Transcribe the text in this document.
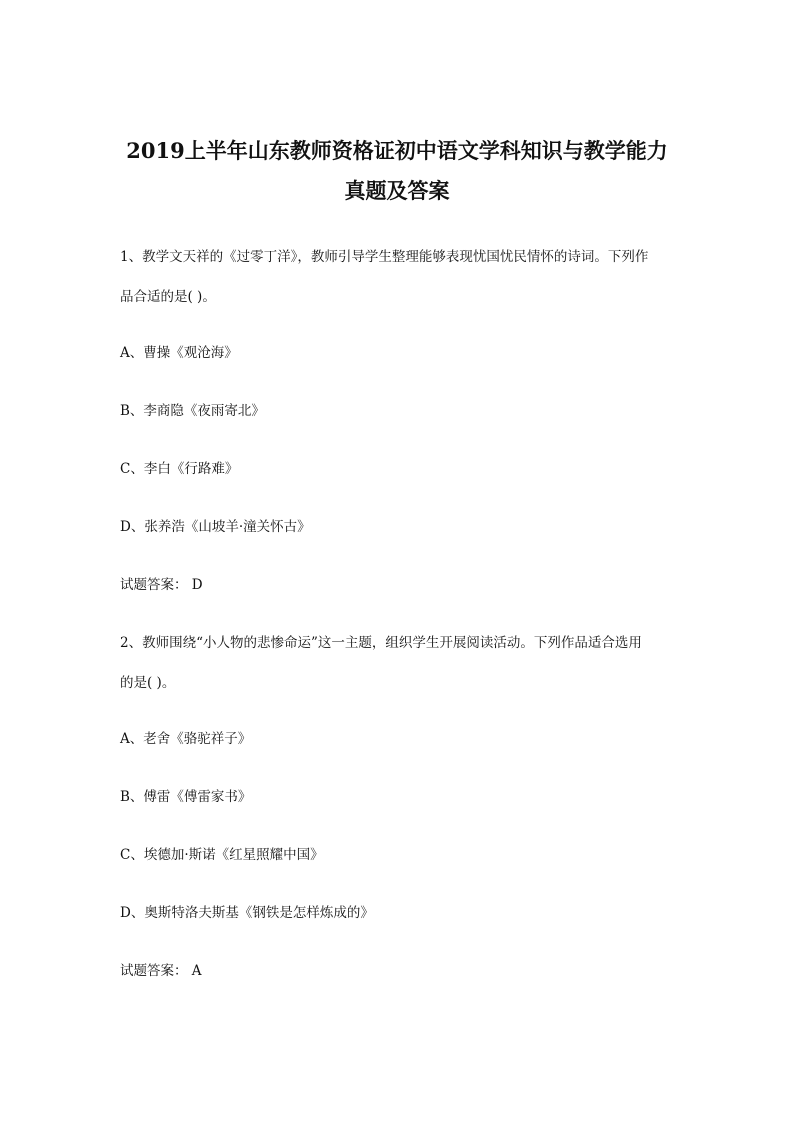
2019上半年山东教师资格证初中语文学科知识与教学能力
真题及答案
1、教学文天祥的《过零丁洋》，教师引导学生整理能够表现忧国忧民情怀的诗词。下列作
品合适的是( )。
A、曹操《观沧海》
B、李商隐《夜雨寄北》
C、李白《行路难》
D、张养浩《山坡羊·潼关怀古》
试题答案： D
2、教师围绕“小人物的悲惨命运”这一主题，组织学生开展阅读活动。下列作品适合选用
的是( )。
A、老舍《骆驼祥子》
B、傅雷《傅雷家书》
C、埃德加·斯诺《红星照耀中国》
D、奥斯特洛夫斯基《钢铁是怎样炼成的》
试题答案： A
